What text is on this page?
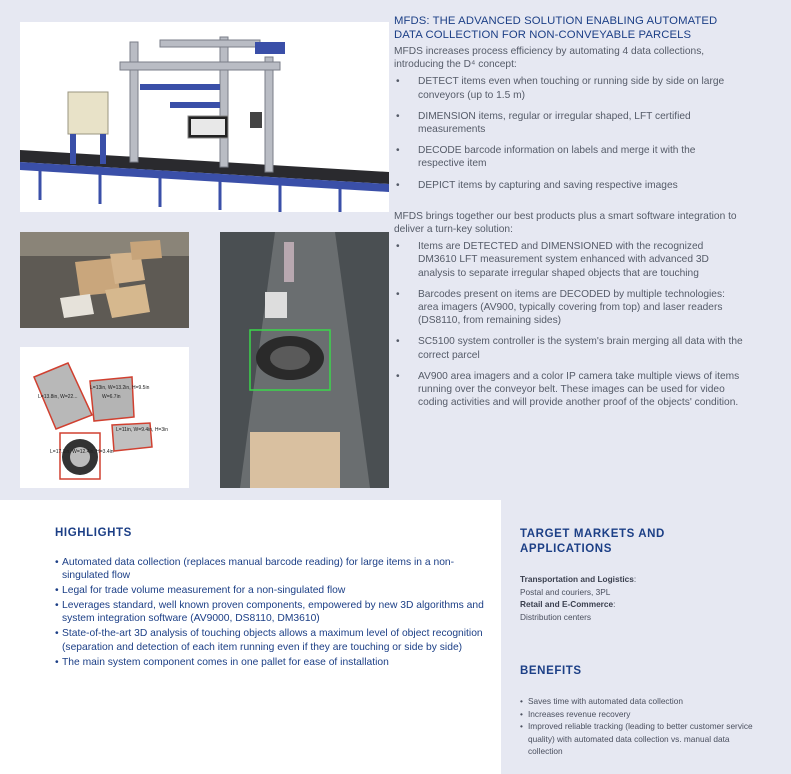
L=13.8in, W=22...
L=13in, W=13.2in, H=9.5in
W=6.7in
L=11in, W=9.4in, H=3in
L=17.1in, W=12.4in, H=3.4in
MFDS: THE ADVANCED SOLUTION ENABLING AUTOMATED
DATA COLLECTION FOR NON-CONVEYABLE PARCELS

MFDS increases process efficiency by automating 4 data collections, introducing the D⁴ concept:

• DETECT items even when touching or running side by side on large conveyors (up to 1.5 m)
• DIMENSION items, regular or irregular shaped, LFT certified measurements
• DECODE barcode information on labels and merge it with the respective item
• DEPICT items by capturing and saving respective images

MFDS brings together our best products plus a smart software integration to deliver a turn-key solution:

• Items are DETECTED and DIMENSIONED with the recognized DM3610 LFT measurement system enhanced with advanced 3D analysis to separate irregular shaped objects that are touching
• Barcodes present on items are DECODED by multiple technologies: area imagers (AV900, typically covering from top) and laser readers (DS8110, from remaining sides)
• SC5100 system controller is the system's brain merging all data with the correct parcel
• AV900 area imagers and a color IP camera take multiple views of items running over the conveyor belt. These images can be used for video coding activities and will provide another proof of the objects' condition.
HIGHLIGHTS
• Automated data collection (replaces manual barcode reading) for large items in a non-singulated flow
• Legal for trade volume measurement for a non-singulated flow
• Leverages standard, well known proven components, empowered by new 3D algorithms and system integration software (AV9000, DS8110, DM3610)
• State-of-the-art 3D analysis of touching objects allows a maximum level of object recognition (separation and detection of each item running even if they are touching or side by side)
• The main system component comes in one pallet for ease of installation
TARGET MARKETS AND
APPLICATIONS
Transportation and Logistics:
Postal and couriers, 3PL
Retail and E-Commerce:
Distribution centers
BENEFITS
• Saves time with automated data collection
• Increases revenue recovery
• Improved reliable tracking (leading to better customer service quality) with automated data collection vs. manual data collection
